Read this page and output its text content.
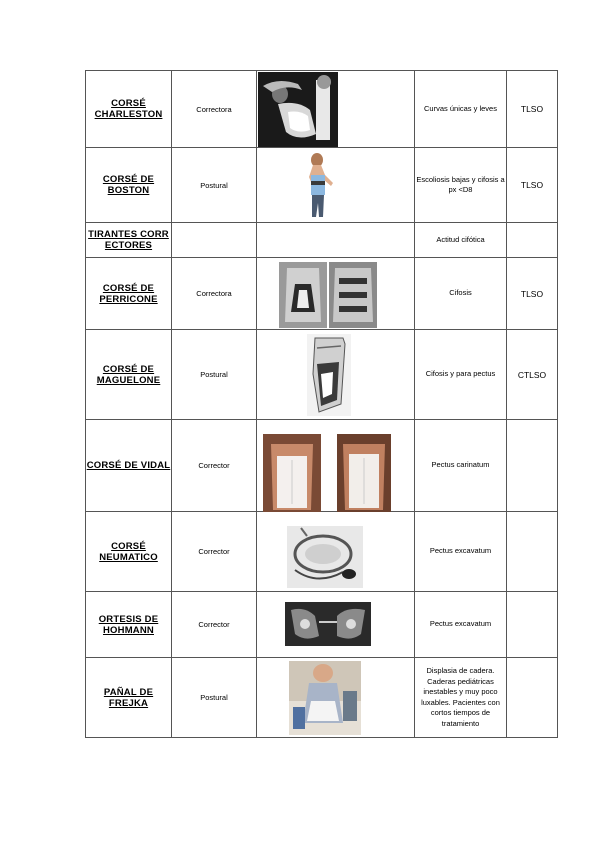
CORSÉ CHARLESTON	Correctora		Curvas únicas y leves	TLSO
CORSÉ DE BOSTON	Postural		Escoliosis bajas y cifosis a px <D8	TLSO
TIRANTES CORRECTORES			Actitud cifótica	
CORSÉ DE PERRICONE	Correctora		Cifosis	TLSO
CORSÉ DE MAGUELONE	Postural		Cifosis y para pectus	CTLSO
CORSÉ DE VIDAL	Corrector		Pectus carinatum	
CORSÉ NEUMATICO	Corrector		Pectus excavatum	
ORTESIS DE HOHMANN	Corrector		Pectus excavatum	
PAÑAL DE FREJKA	Postural		Displasia de cadera. Caderas pediátricas inestables y muy poco luxables. Pacientes con cortos tiempos de tratamiento	
